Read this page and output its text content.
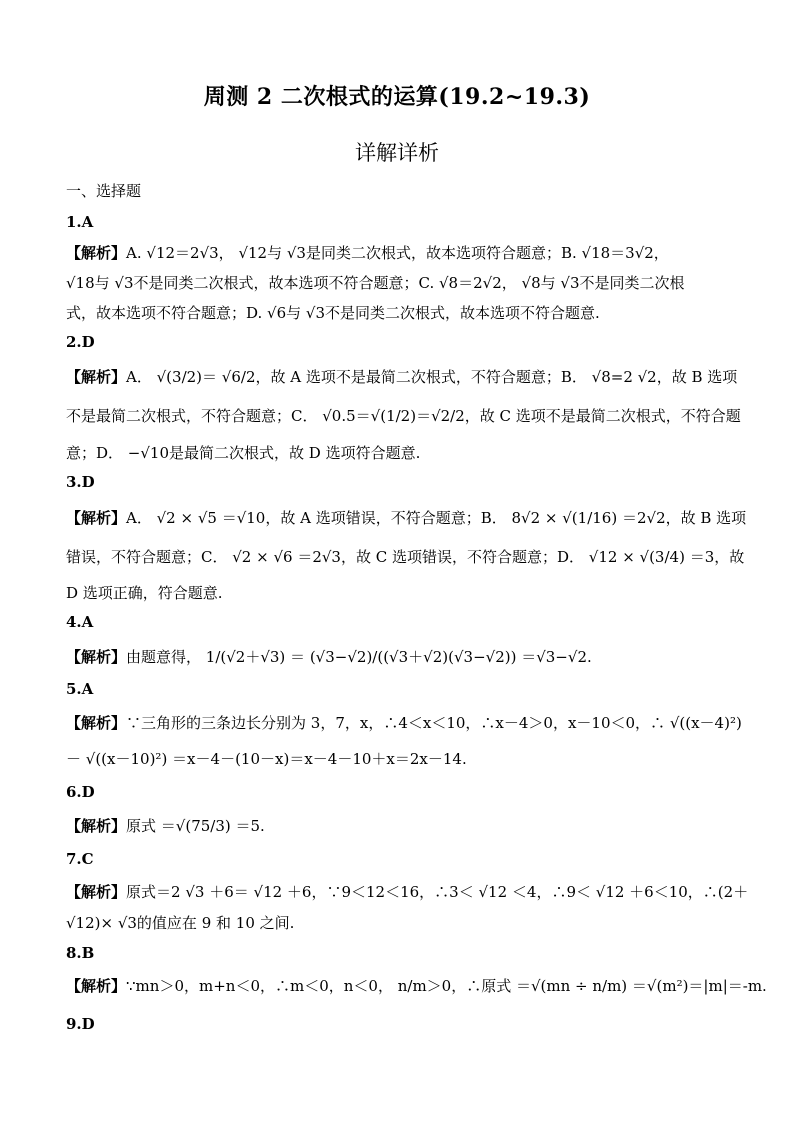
周测 2 二次根式的运算(19.2~19.3)
详解详析
一、选择题
1.A
【解析】A. √12＝2√3， √12与 √3是同类二次根式，故本选项符合题意；B. √18＝3√2，
√18与 √3不是同类二次根式，故本选项不符合题意；C. √8＝2√2， √8与 √3不是同类二次根
式，故本选项不符合题意；D. √6与 √3不是同类二次根式，故本选项不符合题意.
2.D
【解析】A． √(3/2)＝ √6/2，故 A 选项不是最简二次根式，不符合题意；B． √8=2 √2，故 B 选项
不是最简二次根式，不符合题意；C． √0.5＝√(1/2)＝√2/2，故 C 选项不是最简二次根式，不符合题
意；D． −√10是最简二次根式，故 D 选项符合题意.
3.D
【解析】A． √2 × √5 ＝√10，故 A 选项错误，不符合题意；B． 8√2 × √(1/16) ＝2√2，故 B 选项
错误，不符合题意；C． √2 × √6 ＝2√3，故 C 选项错误，不符合题意；D． √12 × √(3/4) ＝3，故
D 选项正确，符合题意.
4.A
【解析】由题意得， 1/(√2＋√3) ＝ (√3−√2)/((√3＋√2)(√3−√2)) ＝√3−√2.
5.A
【解析】∵三角形的三条边长分别为 3，7，x，∴4＜x＜10，∴x－4＞0，x－10＜0，∴ √((x－4)²)
－ √((x－10)²) ＝x－4－(10－x)＝x－4－10＋x＝2x－14.
6.D
【解析】原式 ＝√(75/3) ＝5.
7.C
【解析】原式＝2 √3 ＋6＝ √12 ＋6，∵9＜12＜16，∴3＜ √12 ＜4，∴9＜ √12 ＋6＜10，∴(2＋
√12)× √3的值应在 9 和 10 之间.
8.B
【解析】∵mn＞0，m+n＜0，∴m＜0，n＜0， n/m＞0，∴原式 ＝√(mn ÷ n/m) ＝√(m²)＝|m|＝-m.
9.D
